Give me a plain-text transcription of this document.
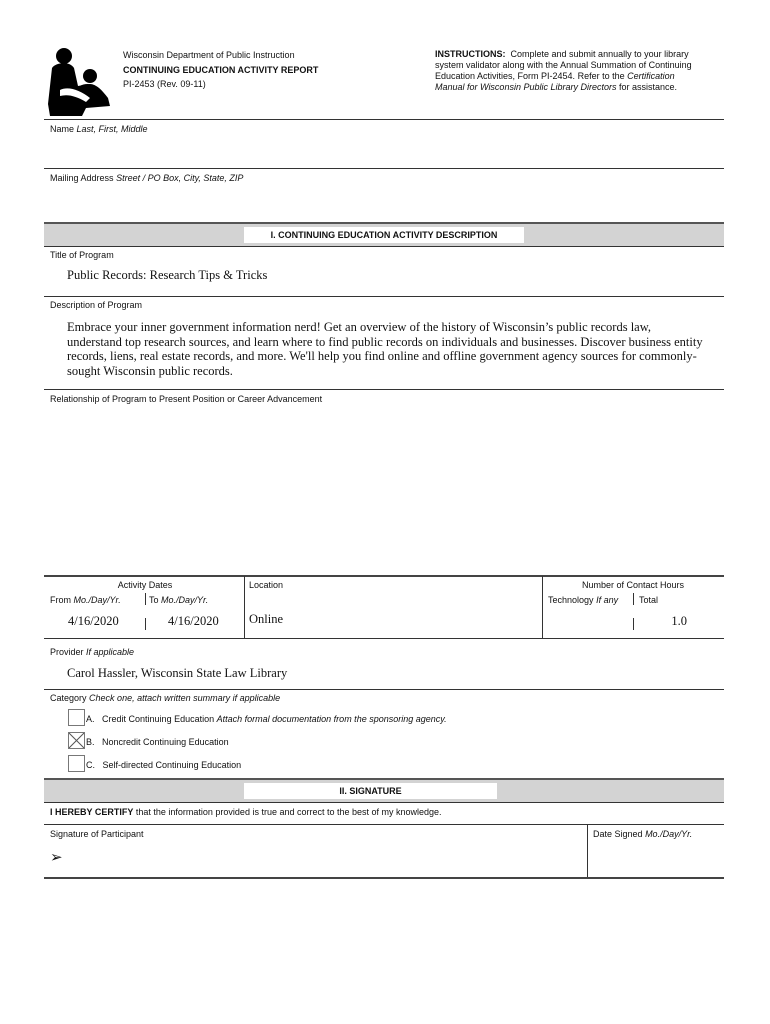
Wisconsin Department of Public Instruction
CONTINUING EDUCATION ACTIVITY REPORT
PI-2453 (Rev. 09-11)
INSTRUCTIONS: Complete and submit annually to your library
system validator along with the Annual Summation of Continuing
Education Activities, Form PI-2454. Refer to the Certification
Manual for Wisconsin Public Library Directors for assistance.
Name Last, First, Middle
Mailing Address Street / PO Box, City, State, ZIP
I. CONTINUING EDUCATION ACTIVITY DESCRIPTION
Title of Program
Public Records: Research Tips & Tricks
Description of Program
Embrace your inner government information nerd! Get an overview of the history of Wisconsin’s public records law,
understand top research sources, and learn where to find public records on individuals and businesses. Discover business entity
records, liens, real estate records, and more. We'll help you find online and offline government agency sources for commonly-
sought Wisconsin public records.
Relationship of Program to Present Position or Career Advancement
Activity Dates
From Mo./Day/Yr.	To Mo./Day/Yr.
4/16/2020	4/16/2020
Location
Online
Number of Contact Hours
Technology If any Total
1.0
Provider If applicable
Carol Hassler, Wisconsin State Law Library
Category Check one, attach written summary if applicable
A. Credit Continuing Education Attach formal documentation from the sponsoring agency.
B. Noncredit Continuing Education
C. Self-directed Continuing Education
II. SIGNATURE
I HEREBY CERTIFY that the information provided is true and correct to the best of my knowledge.
Signature of Participant
➢
Date Signed Mo./Day/Yr.
